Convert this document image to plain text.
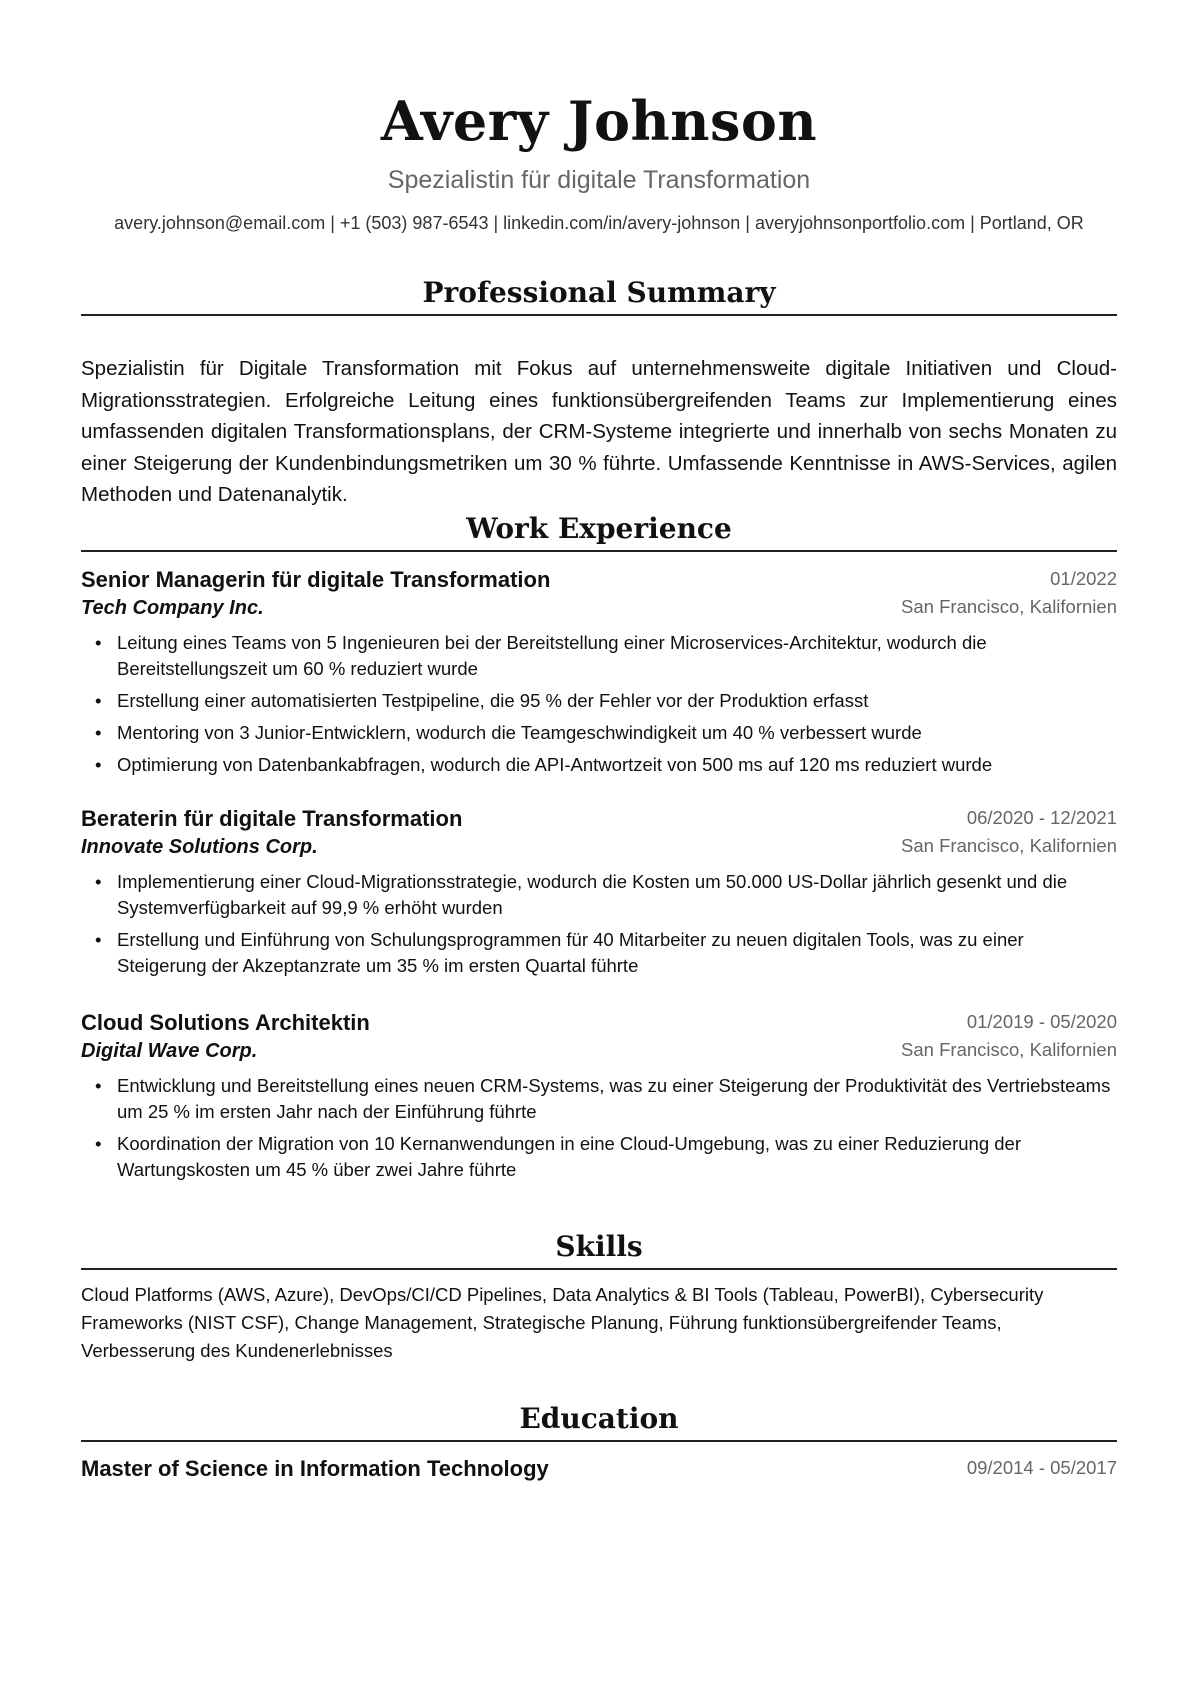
Avery Johnson
Spezialistin für digitale Transformation
avery.johnson@email.com | +1 (503) 987-6543 | linkedin.com/in/avery-johnson | averyjohnsonportfolio.com | Portland, OR
Professional Summary

Spezialistin für Digitale Transformation mit Fokus auf unternehmensweite digitale Initiativen und Cloud-Migrationsstrategien. Erfolgreiche Leitung eines funktionsübergreifenden Teams zur Implementierung eines umfassenden digitalen Transformationsplans, der CRM-Systeme integrierte und innerhalb von sechs Monaten zu einer Steigerung der Kundenbindungsmetriken um 30 % führte. Umfassende Kenntnisse in AWS-Services, agilen Methoden und Datenanalytik.

Work Experience
Senior Managerin für digitale Transformation	01/2022
Tech Company Inc.	San Francisco, Kalifornien
• Leitung eines Teams von 5 Ingenieuren bei der Bereitstellung einer Microservices-Architektur, wodurch die Bereitstellungszeit um 60 % reduziert wurde
• Erstellung einer automatisierten Testpipeline, die 95 % der Fehler vor der Produktion erfasst
• Mentoring von 3 Junior-Entwicklern, wodurch die Teamgeschwindigkeit um 40 % verbessert wurde
• Optimierung von Datenbankabfragen, wodurch die API-Antwortzeit von 500 ms auf 120 ms reduziert wurde
Beraterin für digitale Transformation	06/2020 - 12/2021
Innovate Solutions Corp.	San Francisco, Kalifornien
• Implementierung einer Cloud-Migrationsstrategie, wodurch die Kosten um 50.000 US-Dollar jährlich gesenkt und die Systemverfügbarkeit auf 99,9 % erhöht wurden
• Erstellung und Einführung von Schulungsprogrammen für 40 Mitarbeiter zu neuen digitalen Tools, was zu einer Steigerung der Akzeptanzrate um 35 % im ersten Quartal führte
Cloud Solutions Architektin	01/2019 - 05/2020
Digital Wave Corp.	San Francisco, Kalifornien
• Entwicklung und Bereitstellung eines neuen CRM-Systems, was zu einer Steigerung der Produktivität des Vertriebsteams um 25 % im ersten Jahr nach der Einführung führte
• Koordination der Migration von 10 Kernanwendungen in eine Cloud-Umgebung, was zu einer Reduzierung der Wartungskosten um 45 % über zwei Jahre führte
Skills

Cloud Platforms (AWS, Azure), DevOps/CI/CD Pipelines, Data Analytics & BI Tools (Tableau, PowerBI), Cybersecurity Frameworks (NIST CSF), Change Management, Strategische Planung, Führung funktionsübergreifender Teams, Verbesserung des Kundenerlebnisses

Education
Master of Science in Information Technology	09/2014 - 05/2017
